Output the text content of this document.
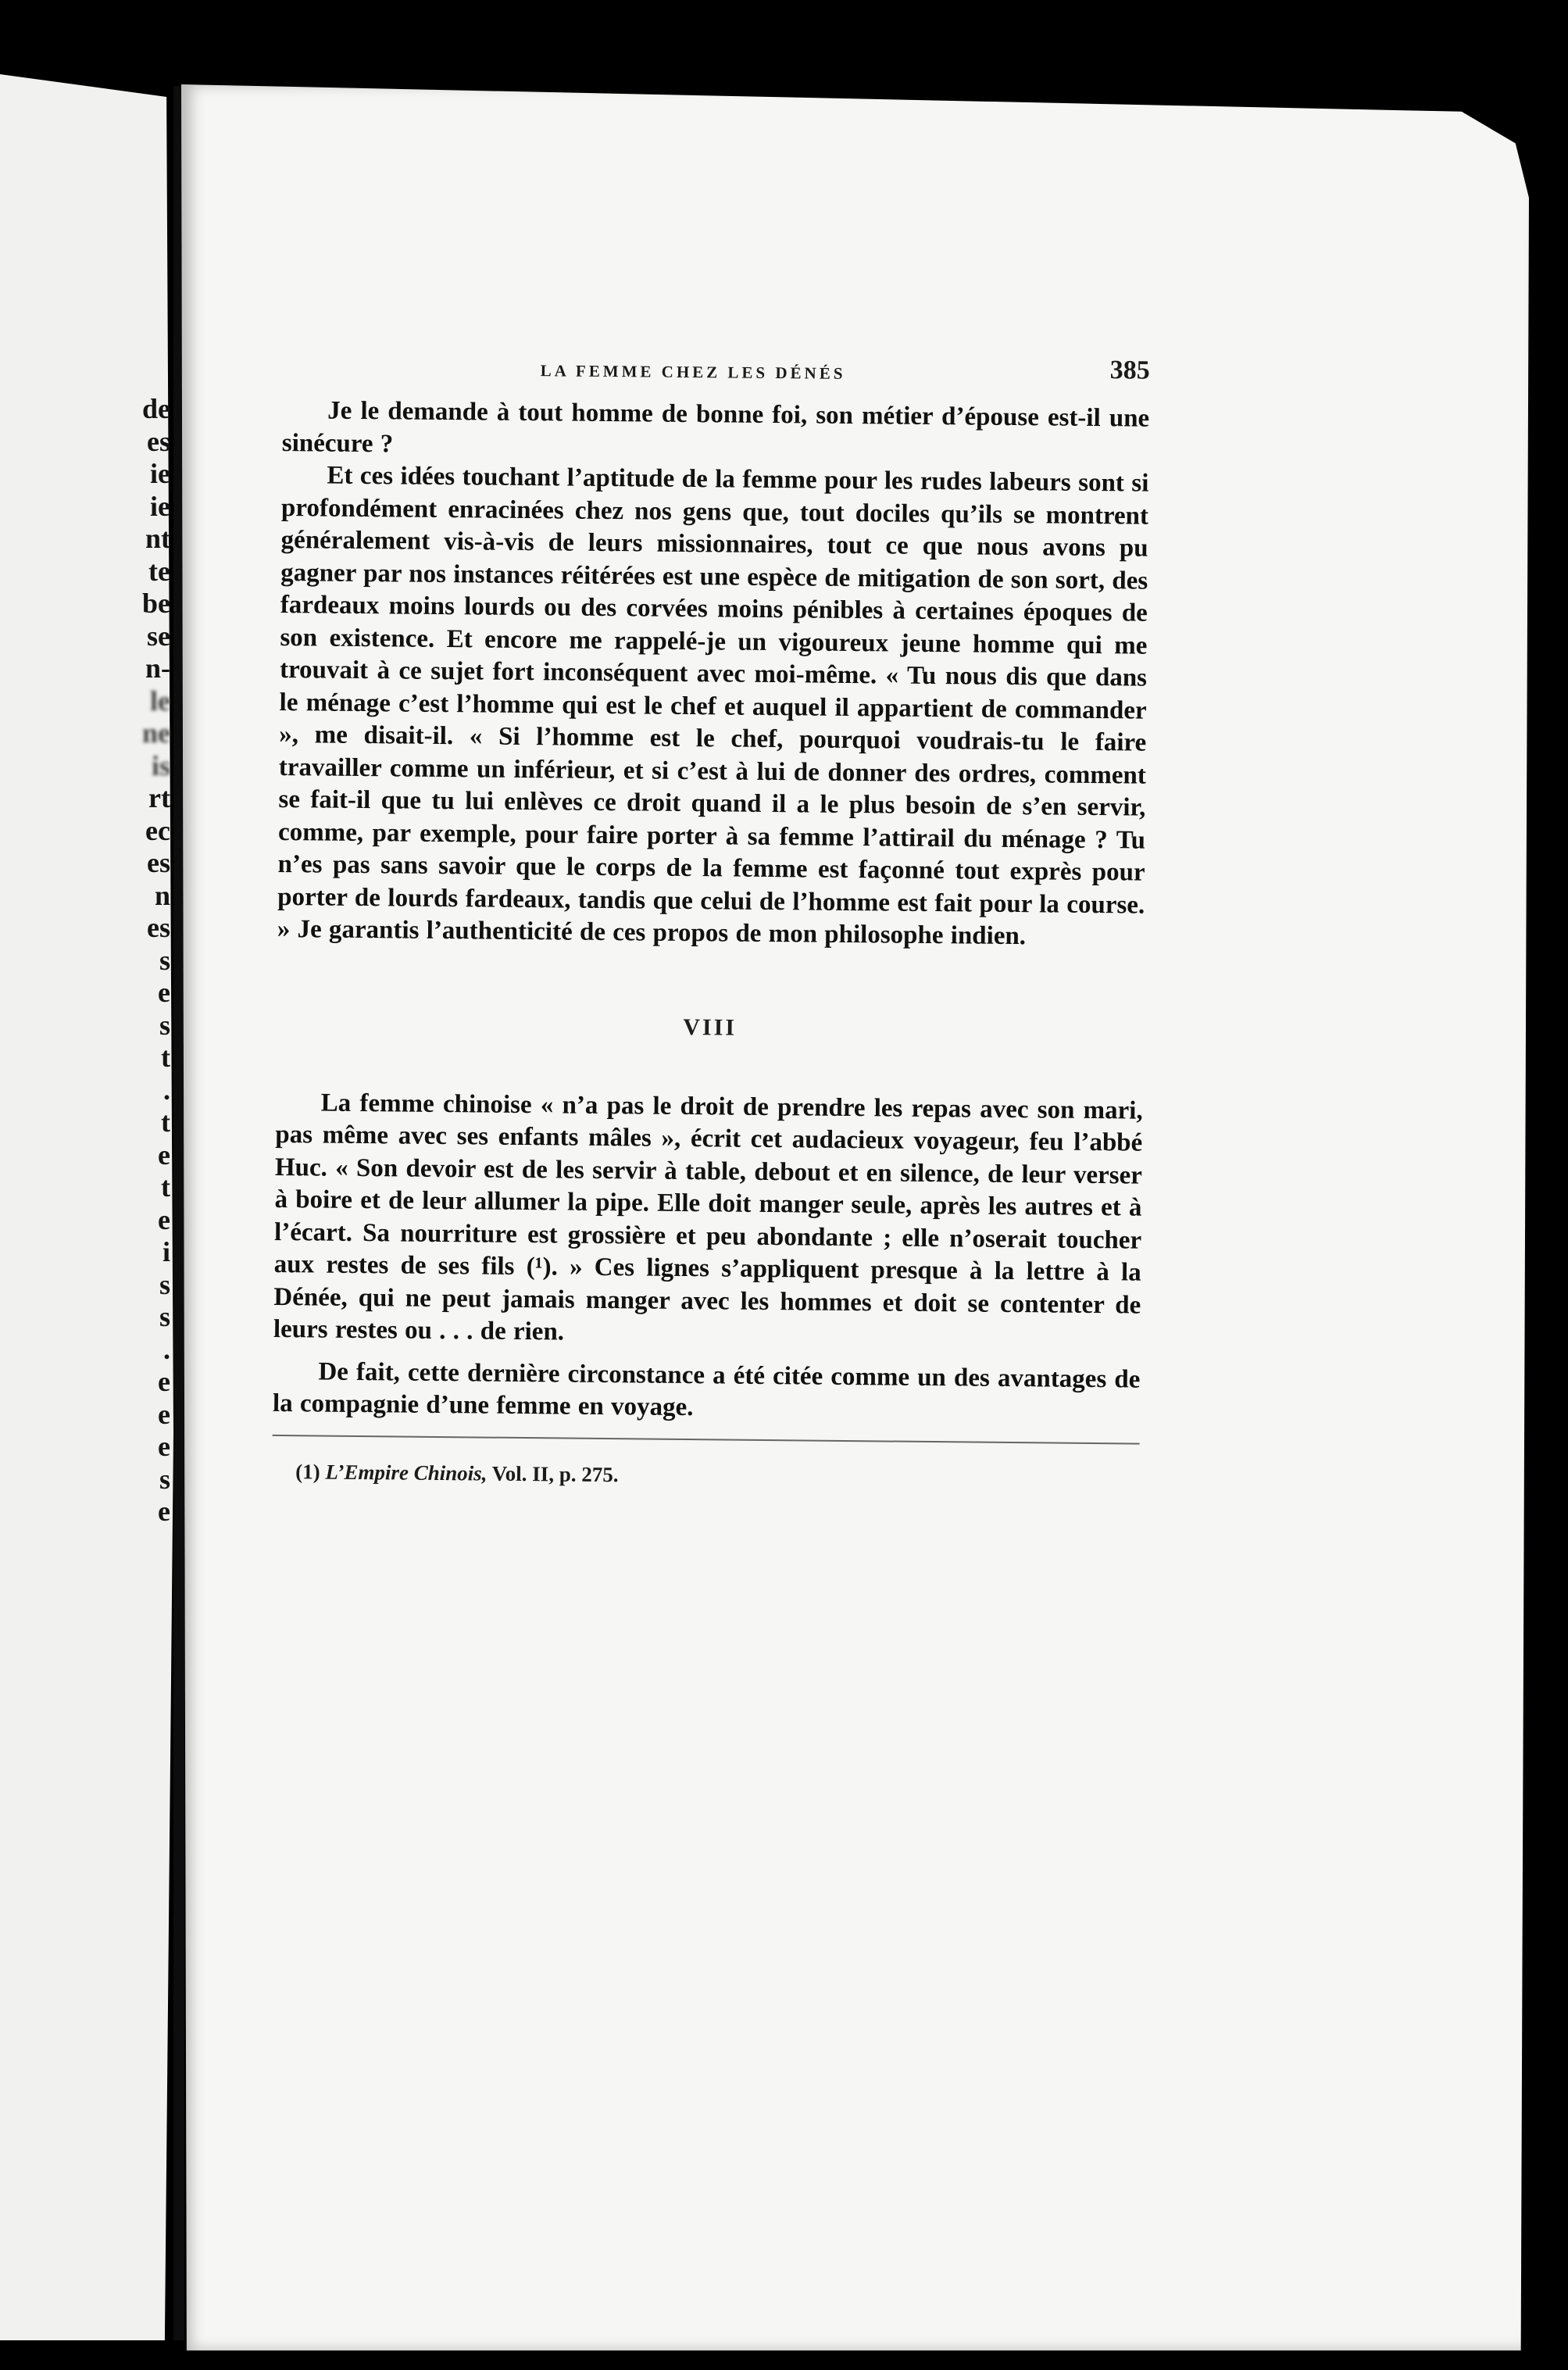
de
es
ie
ie
nt
te
be
se
n-
le
ne
is
rt
ec
es
n
es
s
e
s
t
.
t
e
t
e
i
s
s
.
e
e
e
s
e
LA FEMME CHEZ LES DÉNÉS	385

Je le demande à tout homme de bonne foi, son métier d’épouse est-il une sinécure ?

Et ces idées touchant l’aptitude de la femme pour les rudes labeurs sont si profondément enracinées chez nos gens que, tout dociles qu’ils se montrent généralement vis-à-vis de leurs missionnaires, tout ce que nous avons pu gagner par nos instances réitérées est une espèce de mitigation de son sort, des fardeaux moins lourds ou des corvées moins pénibles à certaines époques de son existence. Et encore me rappelé-je un vigoureux jeune homme qui me trouvait à ce sujet fort inconséquent avec moi-même. « Tu nous dis que dans le ménage c’est l’homme qui est le chef et auquel il appartient de commander », me disait-il. « Si l’homme est le chef, pourquoi voudrais-tu le faire travailler comme un inférieur, et si c’est à lui de donner des ordres, comment se fait-il que tu lui enlèves ce droit quand il a le plus besoin de s’en servir, comme, par exemple, pour faire porter à sa femme l’attirail du ménage ? Tu n’es pas sans savoir que le corps de la femme est façonné tout exprès pour porter de lourds fardeaux, tandis que celui de l’homme est fait pour la course. » Je garantis l’authenticité de ces propos de mon philosophe indien.

VIII

La femme chinoise « n’a pas le droit de prendre les repas avec son mari, pas même avec ses enfants mâles », écrit cet audacieux voyageur, feu l’abbé Huc. « Son devoir est de les servir à table, debout et en silence, de leur verser à boire et de leur allumer la pipe. Elle doit manger seule, après les autres et à l’écart. Sa nourriture est grossière et peu abondante ; elle n’oserait toucher aux restes de ses fils (¹). » Ces lignes s’appliquent presque à la lettre à la Dénée, qui ne peut jamais manger avec les hommes et doit se contenter de leurs restes ou . . . de rien.

De fait, cette dernière circonstance a été citée comme un des avantages de la compagnie d’une femme en voyage.

(1) L’Empire Chinois, Vol. II, p. 275.
